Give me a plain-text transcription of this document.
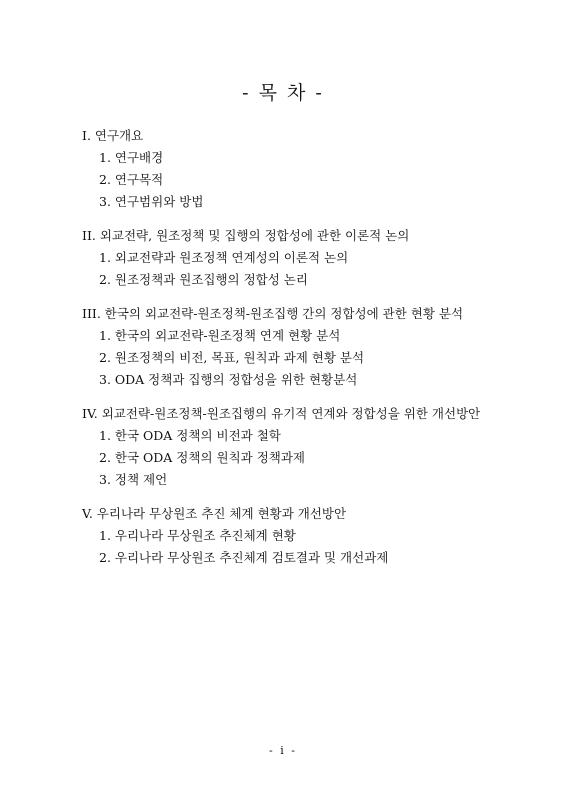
- 목 차 -
I. 연구개요
1. 연구배경
2. 연구목적
3. 연구범위와 방법
II. 외교전략, 원조정책 및 집행의 정합성에 관한 이론적 논의
1. 외교전략과 원조정책 연계성의 이론적 논의
2. 원조정책과 원조집행의 정합성 논리
III. 한국의 외교전략-원조정책-원조집행 간의 정합성에 관한 현황 분석
1. 한국의 외교전략-원조정책 연계 현황 분석
2. 원조정책의 비전, 목표, 원칙과 과제 현황 분석
3. ODA 정책과 집행의 정합성을 위한 현황분석
IV. 외교전략-원조정책-원조집행의 유기적 연계와 정합성을 위한 개선방안
1. 한국 ODA 정책의 비전과 철학
2. 한국 ODA 정책의 원칙과 정책과제
3. 정책 제언
V. 우리나라 무상원조 추진 체계 현황과 개선방안
1. 우리나라 무상원조 추진체계 현황
2. 우리나라 무상원조 추진체계 검토결과 및 개선과제
- i -
